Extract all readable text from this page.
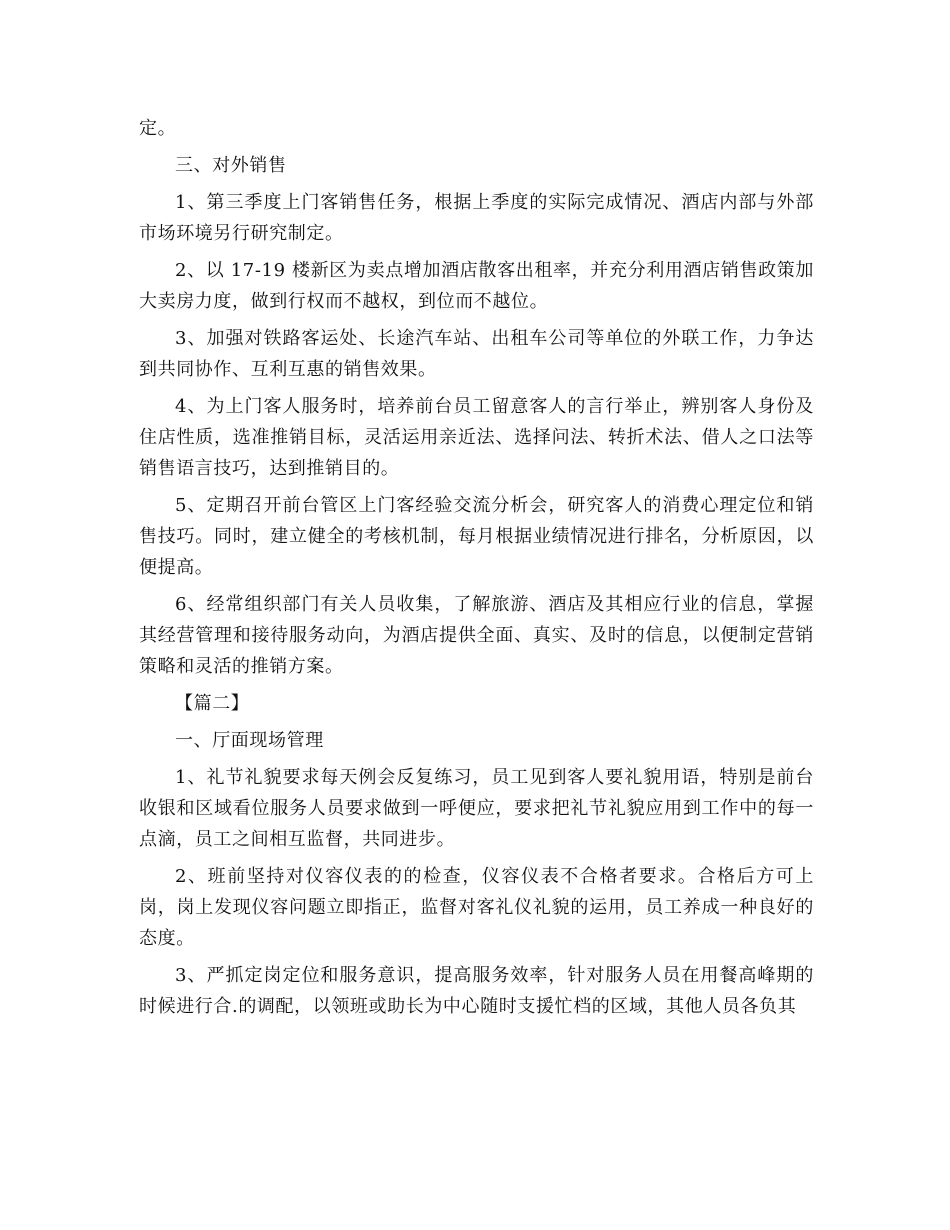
定。

三、对外销售

1、第三季度上门客销售任务，根据上季度的实际完成情况、酒店内部与外部市场环境另行研究制定。

2、以 17-19 楼新区为卖点增加酒店散客出租率，并充分利用酒店销售政策加大卖房力度，做到行权而不越权，到位而不越位。

3、加强对铁路客运处、长途汽车站、出租车公司等单位的外联工作，力争达到共同协作、互利互惠的销售效果。

4、为上门客人服务时，培养前台员工留意客人的言行举止，辨别客人身份及住店性质，选准推销目标，灵活运用亲近法、选择问法、转折术法、借人之口法等销售语言技巧，达到推销目的。

5、定期召开前台管区上门客经验交流分析会，研究客人的消费心理定位和销售技巧。同时，建立健全的考核机制，每月根据业绩情况进行排名，分析原因，以便提高。

6、经常组织部门有关人员收集，了解旅游、酒店及其相应行业的信息，掌握其经营管理和接待服务动向，为酒店提供全面、真实、及时的信息，以便制定营销策略和灵活的推销方案。

【篇二】

一、厅面现场管理

1、礼节礼貌要求每天例会反复练习，员工见到客人要礼貌用语，特别是前台收银和区域看位服务人员要求做到一呼便应，要求把礼节礼貌应用到工作中的每一点滴，员工之间相互监督，共同进步。

2、班前坚持对仪容仪表的的检查，仪容仪表不合格者要求。合格后方可上岗，岗上发现仪容问题立即指正，监督对客礼仪礼貌的运用，员工养成一种良好的态度。

3、严抓定岗定位和服务意识，提高服务效率，针对服务人员在用餐高峰期的时候进行合.的调配，以领班或助长为中心随时支援忙档的区域，其他人员各负其
